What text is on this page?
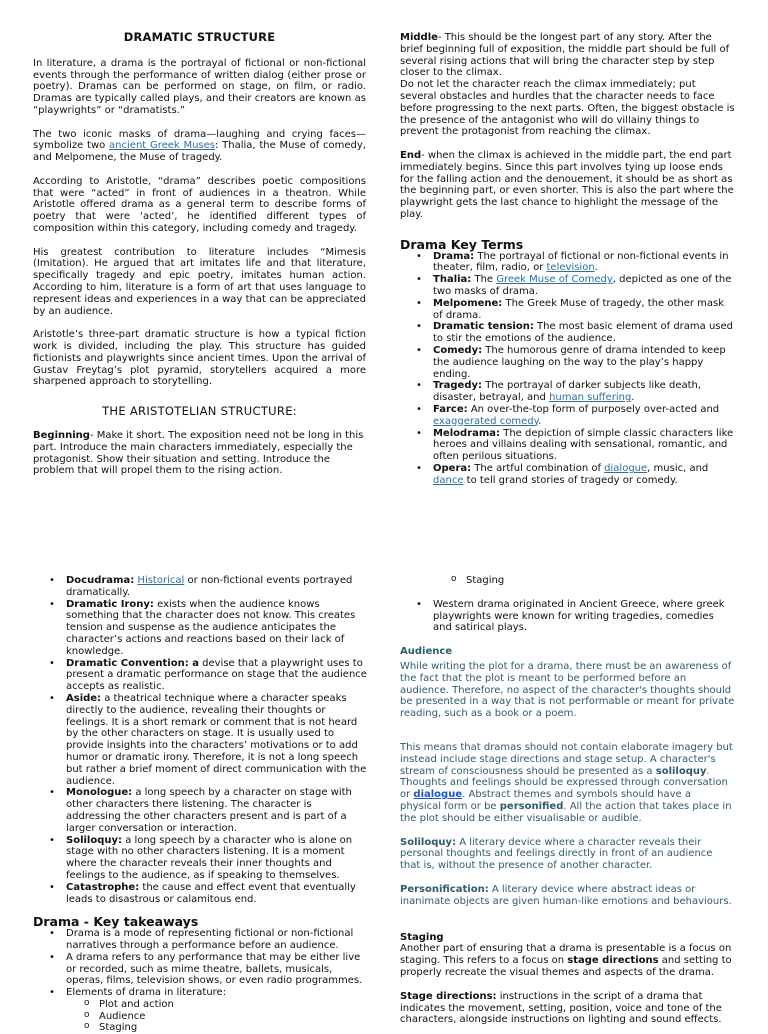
DRAMATIC STRUCTURE

In literature, a drama is the portrayal of fictional or non-fictional events through the performance of written dialog (either prose or poetry). Dramas can be performed on stage, on film, or radio. Dramas are typically called plays, and their creators are known as “playwrights” or “dramatists.”

The two iconic masks of drama—laughing and crying faces—symbolize two ancient Greek Muses: Thalia, the Muse of comedy, and Melpomene, the Muse of tragedy.

According to Aristotle, “drama” describes poetic compositions that were “acted” in front of audiences in a theatron. While Aristotle offered drama as a general term to describe forms of poetry that were ‘acted’, he identified different types of composition within this category, including comedy and tragedy.

His greatest contribution to literature includes “Mimesis (Imitation). He argued that art imitates life and that literature, specifically tragedy and epic poetry, imitates human action. According to him, literature is a form of art that uses language to represent ideas and experiences in a way that can be appreciated by an audience.

Aristotle’s three-part dramatic structure is how a typical fiction work is divided, including the play. This structure has guided fictionists and playwrights since ancient times. Upon the arrival of Gustav Freytag’s plot pyramid, storytellers acquired a more sharpened approach to storytelling.

THE ARISTOTELIAN STRUCTURE:

Beginning- Make it short. The exposition need not be long in this part. Introduce the main characters immediately, especially the protagonist. Show their situation and setting. Introduce the problem that will propel them to the rising action.

Middle- This should be the longest part of any story. After the brief beginning full of exposition, the middle part should be full of several rising actions that will bring the character step by step closer to the climax.

Do not let the character reach the climax immediately; put several obstacles and hurdles that the character needs to face before progressing to the next parts. Often, the biggest obstacle is the presence of the antagonist who will do villainy things to prevent the protagonist from reaching the climax.

End- when the climax is achieved in the middle part, the end part immediately begins. Since this part involves tying up loose ends for the falling action and the denouement, it should be as short as the beginning part, or even shorter. This is also the part where the playwright gets the last chance to highlight the message of the play.

Drama Key Terms

• Drama: The portrayal of fictional or non-fictional events in theater, film, radio, or television.
• Thalia: The Greek Muse of Comedy, depicted as one of the two masks of drama.
• Melpomene: The Greek Muse of tragedy, the other mask of drama.
• Dramatic tension: The most basic element of drama used to stir the emotions of the audience.
• Comedy: The humorous genre of drama intended to keep the audience laughing on the way to the play’s happy ending.
• Tragedy: The portrayal of darker subjects like death, disaster, betrayal, and human suffering.
• Farce: An over-the-top form of purposely over-acted and exaggerated comedy.
• Melodrama: The depiction of simple classic characters like heroes and villains dealing with sensational, romantic, and often perilous situations.
• Opera: The artful combination of dialogue, music, and dance to tell grand stories of tragedy or comedy.
• Docudrama: Historical or non-fictional events portrayed dramatically.
• Dramatic Irony: exists when the audience knows something that the character does not know. This creates tension and suspense as the audience anticipates the character’s actions and reactions based on their lack of knowledge.
• Dramatic Convention: a devise that a playwright uses to present a dramatic performance on stage that the audience accepts as realistic.
• Aside: a theatrical technique where a character speaks directly to the audience, revealing their thoughts or feelings. It is a short remark or comment that is not heard by the other characters on stage. It is usually used to provide insights into the characters’ motivations or to add humor or dramatic irony. Therefore, it is not a long speech but rather a brief moment of direct communication with the audience.
• Monologue: a long speech by a character on stage with other characters there listening. The character is addressing the other characters present and is part of a larger conversation or interaction.
• Soliloquy: a long speech by a character who is alone on stage with no other characters listening. It is a moment where the character reveals their inner thoughts and feelings to the audience, as if speaking to themselves.
• Catastrophe: the cause and effect event that eventually leads to disastrous or calamitous end.

Drama - Key takeaways

• Drama is a mode of representing fictional or non-fictional narratives through a performance before an audience.
• A drama refers to any performance that may be either live or recorded, such as mime theatre, ballets, musicals, operas, films, television shows, or even radio programmes.
• Elements of drama in literature:
o Plot and action
o Audience
o Staging
o Staging
• Western drama originated in Ancient Greece, where greek playwrights were known for writing tragedies, comedies and satirical plays.

Audience

While writing the plot for a drama, there must be an awareness of the fact that the plot is meant to be performed before an audience. Therefore, no aspect of the character's thoughts should be presented in a way that is not performable or meant for private reading, such as a book or a poem.

This means that dramas should not contain elaborate imagery but instead include stage directions and stage setup. A character's stream of consciousness should be presented as a soliloquy. Thoughts and feelings should be expressed through conversation or dialogue. Abstract themes and symbols should have a physical form or be personified. All the action that takes place in the plot should be either visualisable or audible.

Soliloquy: A literary device where a character reveals their personal thoughts and feelings directly in front of an audience that is, without the presence of another character.

Personification: A literary device where abstract ideas or inanimate objects are given human-like emotions and behaviours.

Staging

Another part of ensuring that a drama is presentable is a focus on staging. This refers to a focus on stage directions and setting to properly recreate the visual themes and aspects of the drama.

Stage directions: instructions in the script of a drama that indicates the movement, setting, position, voice and tone of the characters, alongside instructions on lighting and sound effects.
